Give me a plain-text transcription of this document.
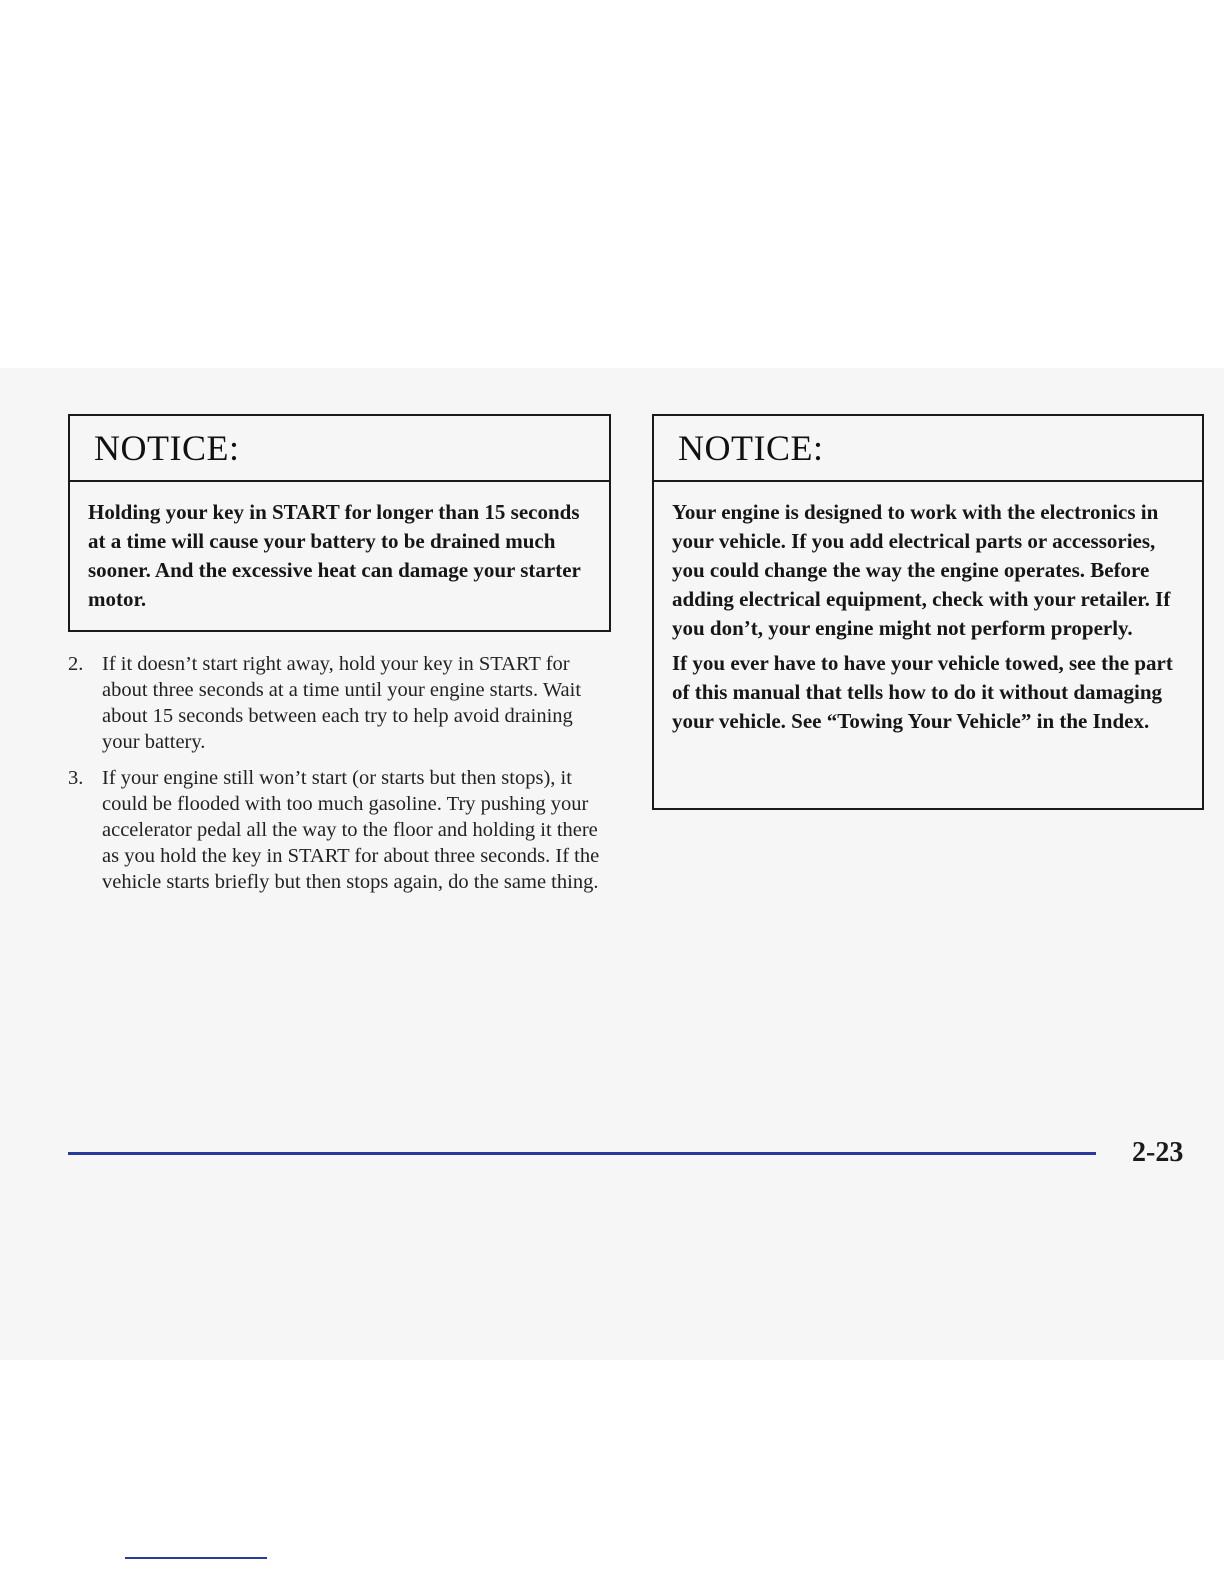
NOTICE:

Holding your key in START for longer than 15 seconds at a time will cause your battery to be drained much sooner. And the excessive heat can damage your starter motor.

2. If it doesn’t start right away, hold your key in START for about three seconds at a time until your engine starts. Wait about 15 seconds between each try to help avoid draining your battery.
3. If your engine still won’t start (or starts but then stops), it could be flooded with too much gasoline. Try pushing your accelerator pedal all the way to the floor and holding it there as you hold the key in START for about three seconds. If the vehicle starts briefly but then stops again, do the same thing.
NOTICE:

Your engine is designed to work with the electronics in your vehicle. If you add electrical parts or accessories, you could change the way the engine operates. Before adding electrical equipment, check with your retailer. If you don’t, your engine might not perform properly.

If you ever have to have your vehicle towed, see the part of this manual that tells how to do it without damaging your vehicle. See “Towing Your Vehicle” in the Index.

2-23
